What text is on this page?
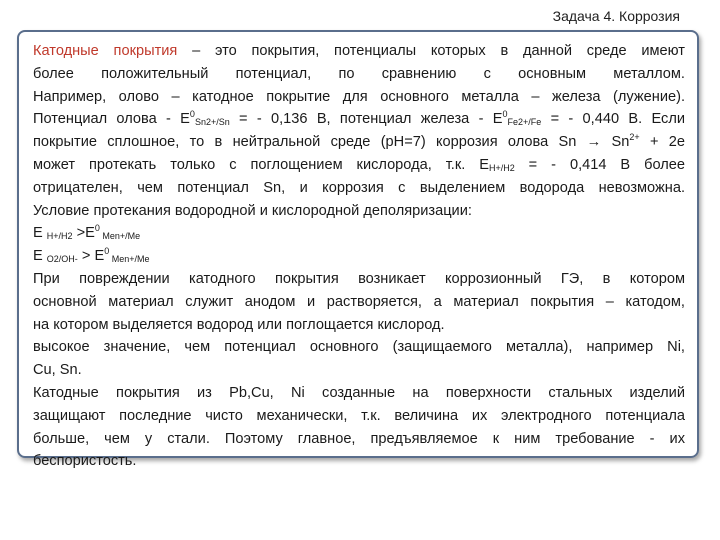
Задача 4. Коррозия
Катодные покрытия – это покрытия, потенциалы которых в данной среде имеют
более положительный потенциал, по сравнению с основным металлом.
Например, олово – катодное покрытие для основного металла – железа (лужение).
Потенциал олова - $E^0_{Sn2+/Sn}$ = - 0,136 В, потенциал железа - $E^0_{Fe2+/Fe}$ = - 0,440 В. Если
покрытие сплошное, то в нейтральной среде (рН=7) коррозия олова $Sn \to Sn^{2+} + 2е$
может протекать только с поглощением кислорода, т.к. $E_{H+/H2}$ = - 0,414 В более
отрицателен, чем потенциал Sn, и коррозия с выделением водорода невозможна.
Условие протекания водородной и кислородной деполяризации:
E $_{H+/H2} >E^0$ $_{Men+/Me}$
E $_{O2/OH-} > E^0$ $_{Men+/Me}$
При повреждении катодного покрытия возникает коррозионный ГЭ, в котором
основной материал служит анодом и растворяется, а материал покрытия – катодом,
на котором выделяется водород или поглощается кислород.
высокое значение, чем потенциал основного (защищаемого металла), например Ni,
Cu, Sn.
Катодные покрытия из Pb,Cu, Ni созданные на поверхности стальных изделий
защищают последние чисто механически, т.к. величина их электродного потенциала
больше, чем у стали. Поэтому главное, предъявляемое к ним требование - их
беспористость.
